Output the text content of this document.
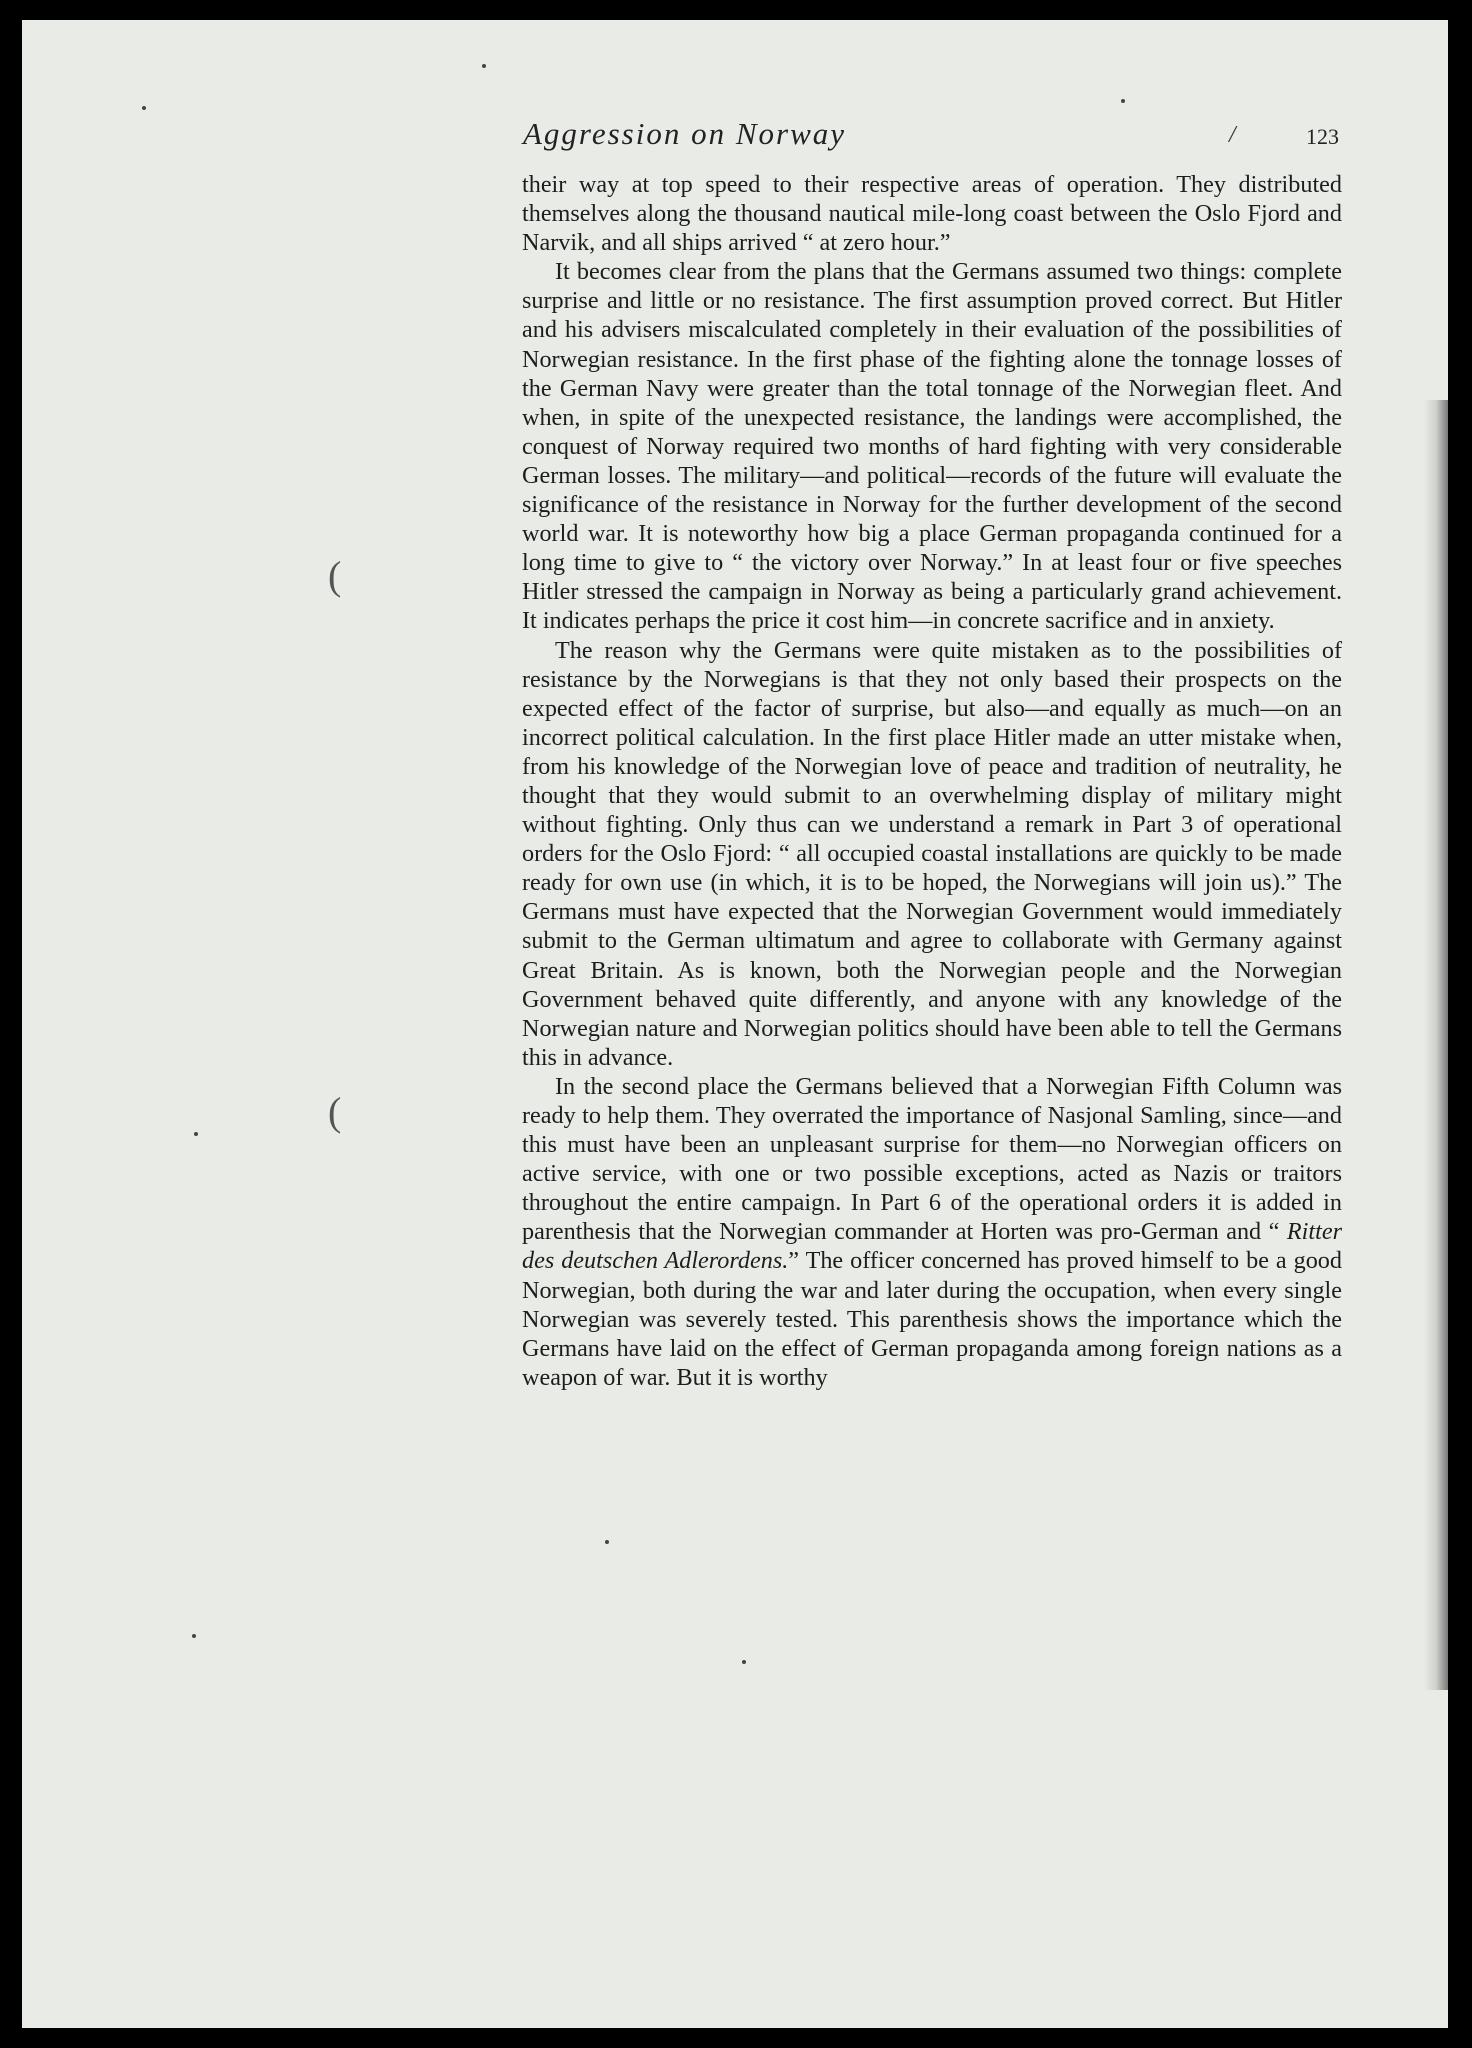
Aggression on Norway	/	123
(
(

their way at top speed to their respective areas of operation. They distributed themselves along the thousand nautical mile-long coast between the Oslo Fjord and Narvik, and all ships arrived “ at zero hour.”

It becomes clear from the plans that the Germans assumed two things: complete surprise and little or no resistance. The first assumption proved correct. But Hitler and his advisers miscalculated completely in their evaluation of the possibilities of Norwegian resistance. In the first phase of the fighting alone the tonnage losses of the German Navy were greater than the total tonnage of the Norwegian fleet. And when, in spite of the unexpected resistance, the landings were accomplished, the conquest of Norway required two months of hard fighting with very considerable German losses. The military—and political—records of the future will evaluate the significance of the resistance in Norway for the further development of the second world war. It is noteworthy how big a place German propaganda continued for a long time to give to “ the victory over Norway.” In at least four or five speeches Hitler stressed the campaign in Norway as being a particularly grand achievement. It indicates perhaps the price it cost him—in concrete sacrifice and in anxiety.

The reason why the Germans were quite mistaken as to the possibilities of resistance by the Norwegians is that they not only based their prospects on the expected effect of the factor of surprise, but also—and equally as much—on an incorrect political calculation. In the first place Hitler made an utter mistake when, from his knowledge of the Norwegian love of peace and tradition of neutrality, he thought that they would submit to an overwhelming display of military might without fighting. Only thus can we understand a remark in Part 3 of operational orders for the Oslo Fjord: “ all occupied coastal installations are quickly to be made ready for own use (in which, it is to be hoped, the Norwegians will join us).” The Germans must have expected that the Norwegian Government would immediately submit to the German ultimatum and agree to collaborate with Germany against Great Britain. As is known, both the Norwegian people and the Norwegian Government behaved quite differently, and anyone with any knowledge of the Norwegian nature and Norwegian politics should have been able to tell the Germans this in advance.

In the second place the Germans believed that a Norwegian Fifth Column was ready to help them. They overrated the importance of Nasjonal Samling, since—and this must have been an unpleasant surprise for them—no Norwegian officers on active service, with one or two possible exceptions, acted as Nazis or traitors throughout the entire campaign. In Part 6 of the operational orders it is added in parenthesis that the Norwegian commander at Horten was pro-German and “ Ritter des deutschen Adlerordens.” The officer concerned has proved himself to be a good Norwegian, both during the war and later during the occupation, when every single Norwegian was severely tested. This parenthesis shows the importance which the Germans have laid on the effect of German propaganda among foreign nations as a weapon of war. But it is worthy
